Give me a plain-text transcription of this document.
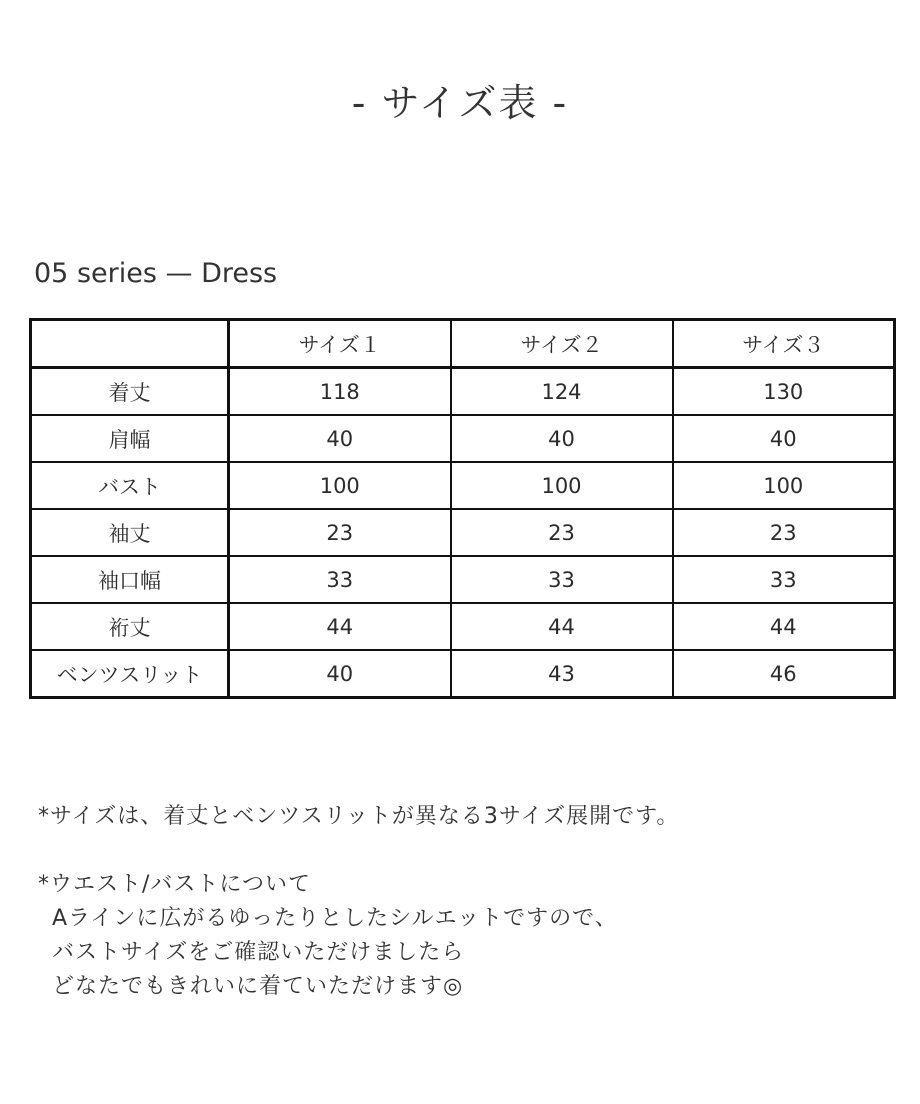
- サイズ表 -
05 series — Dress
	サイズ１	サイズ２	サイズ３
着丈	118	124	130
肩幅	40	40	40
バスト	100	100	100
袖丈	23	23	23
袖口幅	33	33	33
裄丈	44	44	44
ベンツスリット	40	43	46

*サイズは、着丈とベンツスリットが異なる3サイズ展開です。

*ウエスト/バストについて

Aラインに広がるゆったりとしたシルエットですので、

バストサイズをご確認いただけましたら

どなたでもきれいに着ていただけます◎
